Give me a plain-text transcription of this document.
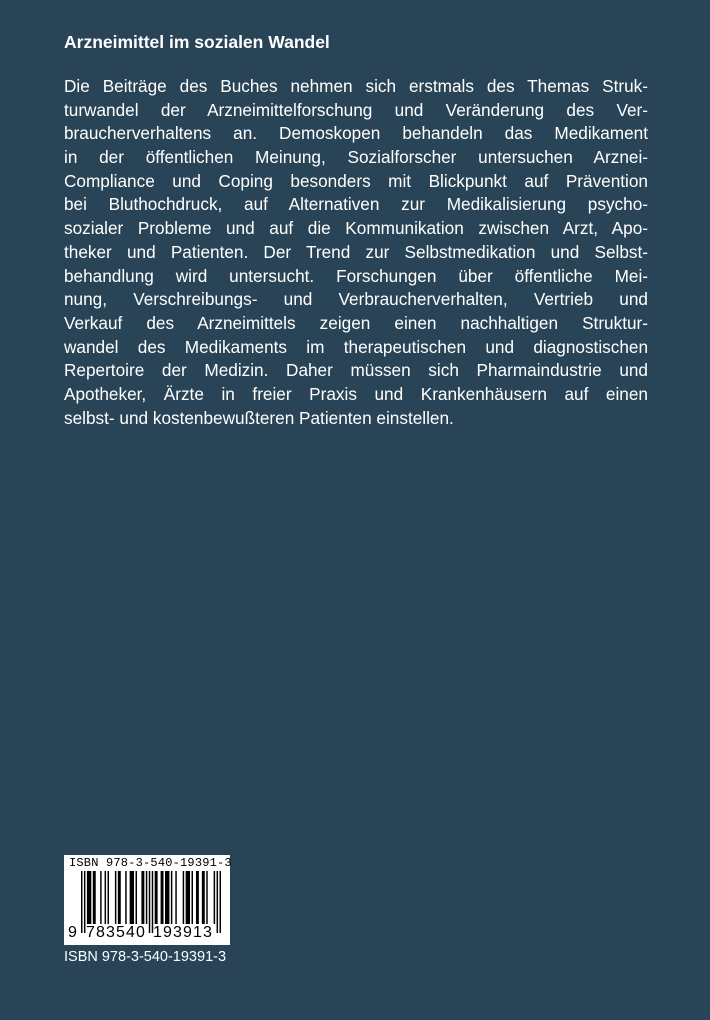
Arzneimittel im sozialen Wandel
Die Beiträge des Buches nehmen sich erstmals des Themas Struk-
turwandel der Arzneimittelforschung und Veränderung des Ver-
braucherverhaltens an. Demoskopen behandeln das Medikament
in der öffentlichen Meinung, Sozialforscher untersuchen Arznei-
Compliance und Coping besonders mit Blickpunkt auf Prävention
bei Bluthochdruck, auf Alternativen zur Medikalisierung psycho-
sozialer Probleme und auf die Kommunikation zwischen Arzt, Apo-
theker und Patienten. Der Trend zur Selbstmedikation und Selbst-
behandlung wird untersucht. Forschungen über öffentliche Mei-
nung, Verschreibungs- und Verbraucherverhalten, Vertrieb und
Verkauf des Arzneimittels zeigen einen nachhaltigen Struktur-
wandel des Medikaments im therapeutischen und diagnostischen
Repertoire der Medizin. Daher müssen sich Pharmaindustrie und
Apotheker, Ärzte in freier Praxis und Krankenhäusern auf einen
selbst- und kostenbewußteren Patienten einstellen.
ISBN 978-3-540-19391-3
9 783540 193913
ISBN 978-3-540-19391-3
